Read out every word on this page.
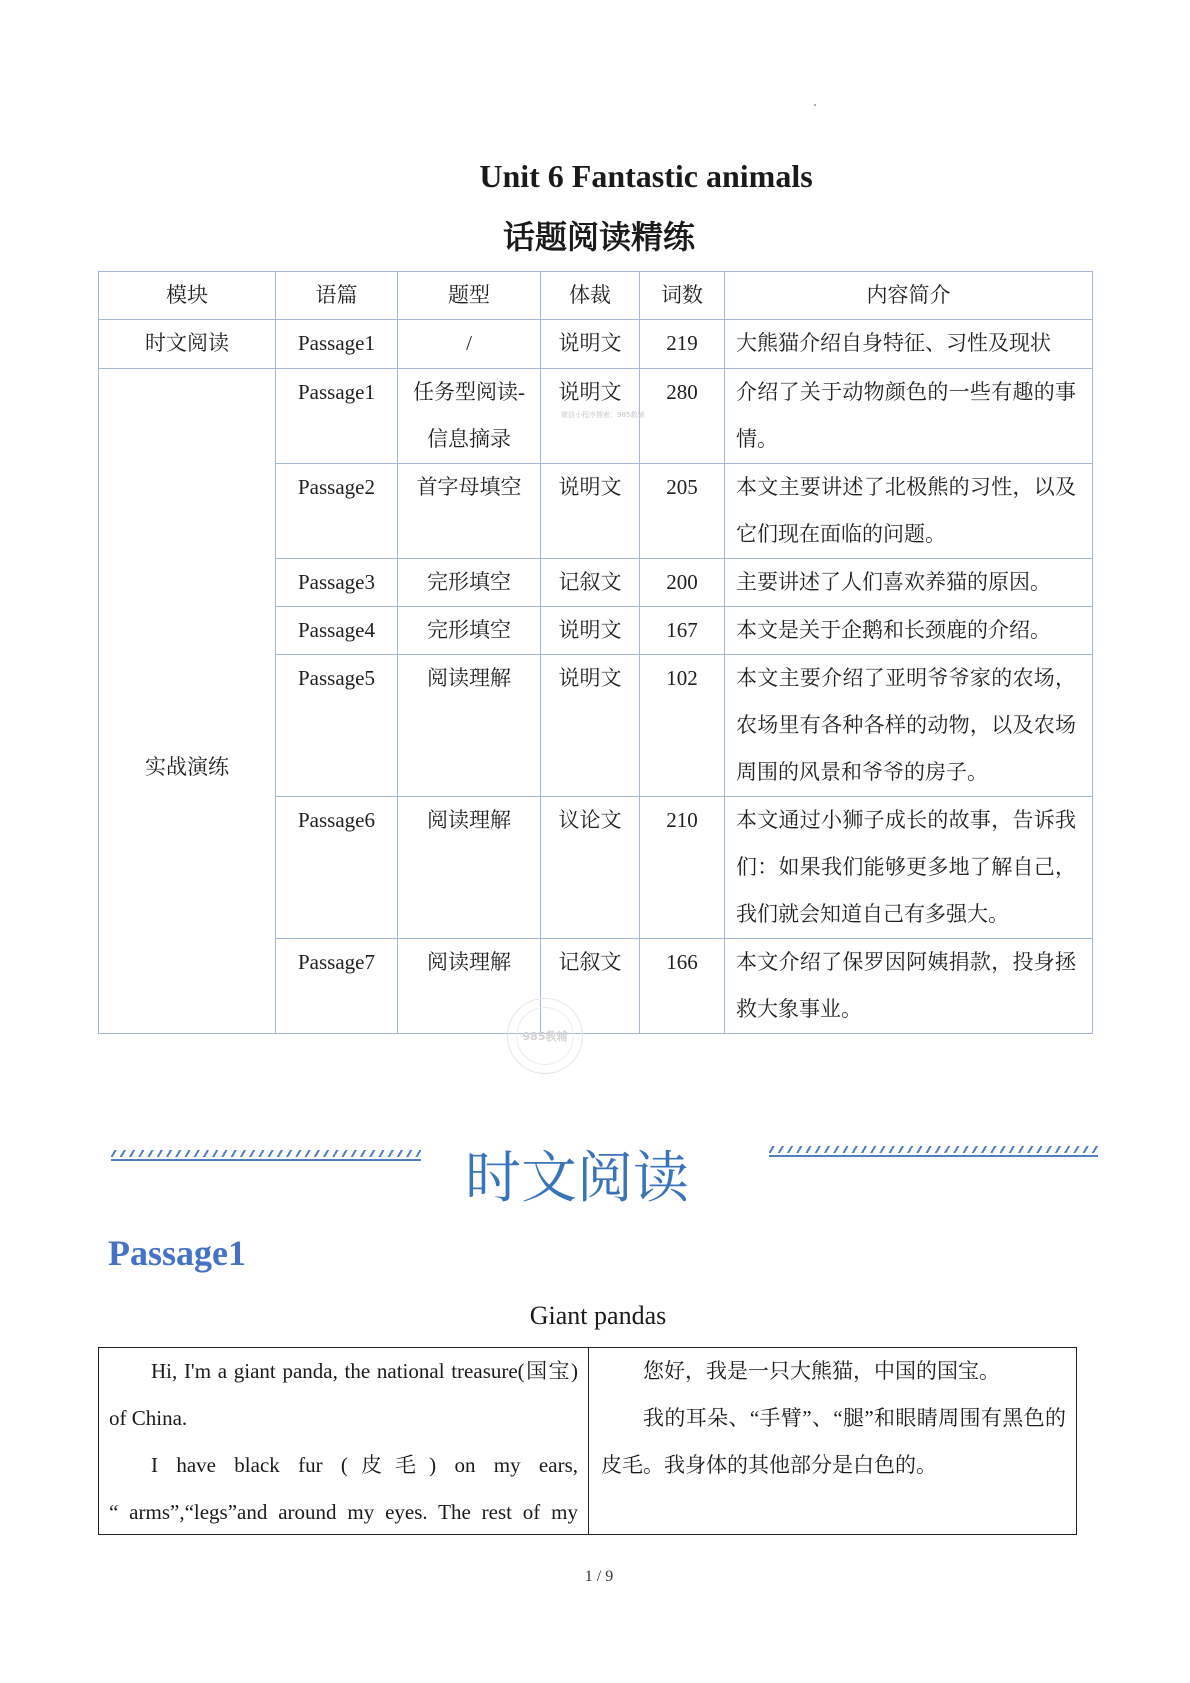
Unit 6 Fantastic animals
话题阅读精练
模块	语篇	题型	体裁	词数	内容简介
时文阅读	Passage1	/	说明文	219	大熊猫介绍自身特征、习性及现状
实战演练	Passage1	任务型阅读-信息摘录	说明文	280	介绍了关于动物颜色的一些有趣的事情。
	Passage2	首字母填空	说明文	205	本文主要讲述了北极熊的习性，以及它们现在面临的问题。
	Passage3	完形填空	记叙文	200	主要讲述了人们喜欢养猫的原因。
	Passage4	完形填空	说明文	167	本文是关于企鹅和长颈鹿的介绍。
	Passage5	阅读理解	说明文	102	本文主要介绍了亚明爷爷家的农场，农场里有各种各样的动物，以及农场周围的风景和爷爷的房子。
	Passage6	阅读理解	议论文	210	本文通过小狮子成长的故事，告诉我们：如果我们能够更多地了解自己，我们就会知道自己有多强大。
	Passage7	阅读理解	记叙文	166	本文介绍了保罗因阿姨捐款，投身拯救大象事业。
微信小程序搜索：985教辅
985教辅
时文阅读
Passage1
Giant pandas

Hi, I'm a giant panda, the national treasure(国宝) of China.

I have black fur (皮毛) on my ears, “ arms”,“legs”and around my eyes. The rest of my

您好，我是一只大熊猫，中国的国宝。

我的耳朵、“手臂”、“腿”和眼睛周围有黑色的皮毛。我身体的其他部分是白色的。

1 / 9
